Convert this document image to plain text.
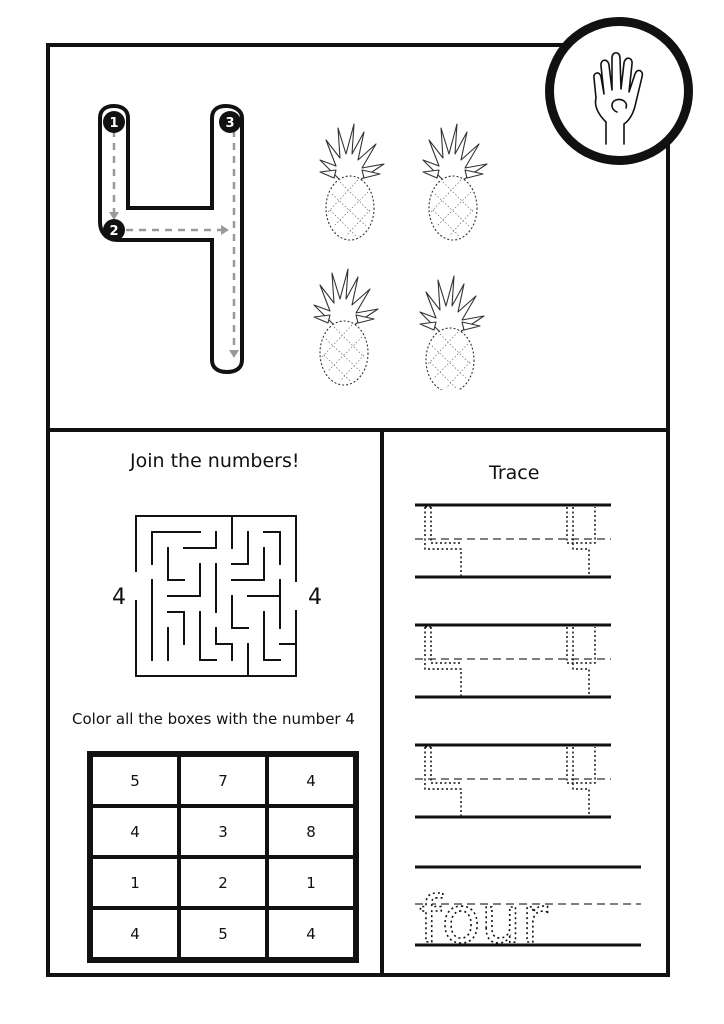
1
2
3
Join the numbers!
4	4
Color all the boxes with the number 4
5	7	4
4	3	8
1	2	1
4	5	4
Trace
four
